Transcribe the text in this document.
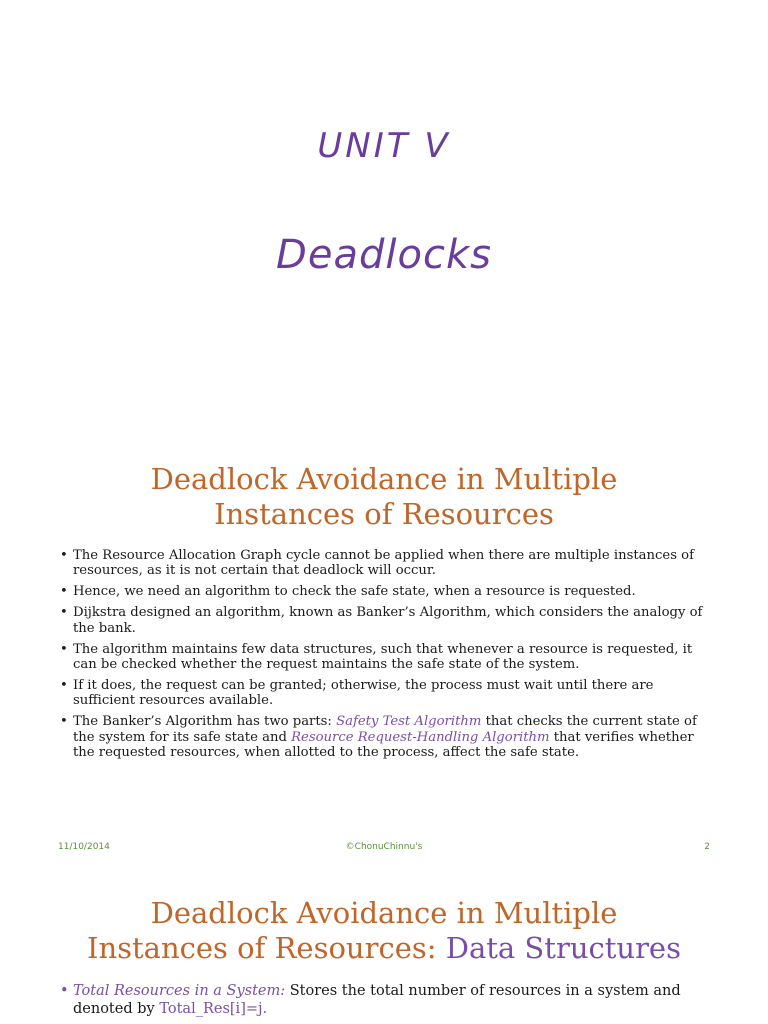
UNIT V
Deadlocks
Deadlock Avoidance in Multiple
Instances of Resources
• The Resource Allocation Graph cycle cannot be applied when there are multiple instances of resources, as it is not certain that deadlock will occur.
• Hence, we need an algorithm to check the safe state, when a resource is requested.
• Dijkstra designed an algorithm, known as Banker’s Algorithm, which considers the analogy of the bank.
• The algorithm maintains few data structures, such that whenever a resource is requested, it can be checked whether the request maintains the safe state of the system.
• If it does, the request can be granted; otherwise, the process must wait until there are sufficient resources available.
• The Banker’s Algorithm has two parts: Safety Test Algorithm that checks the current state of the system for its safe state and Resource Request-Handling Algorithm that verifies whether the requested resources, when allotted to the process, affect the safe state.
11/10/2014	©ChonuChinnu's	2
Deadlock Avoidance in Multiple
Instances of Resources: Data Structures
• Total Resources in a System: Stores the total number of resources in a system and denoted by Total_Res[i]=j.
